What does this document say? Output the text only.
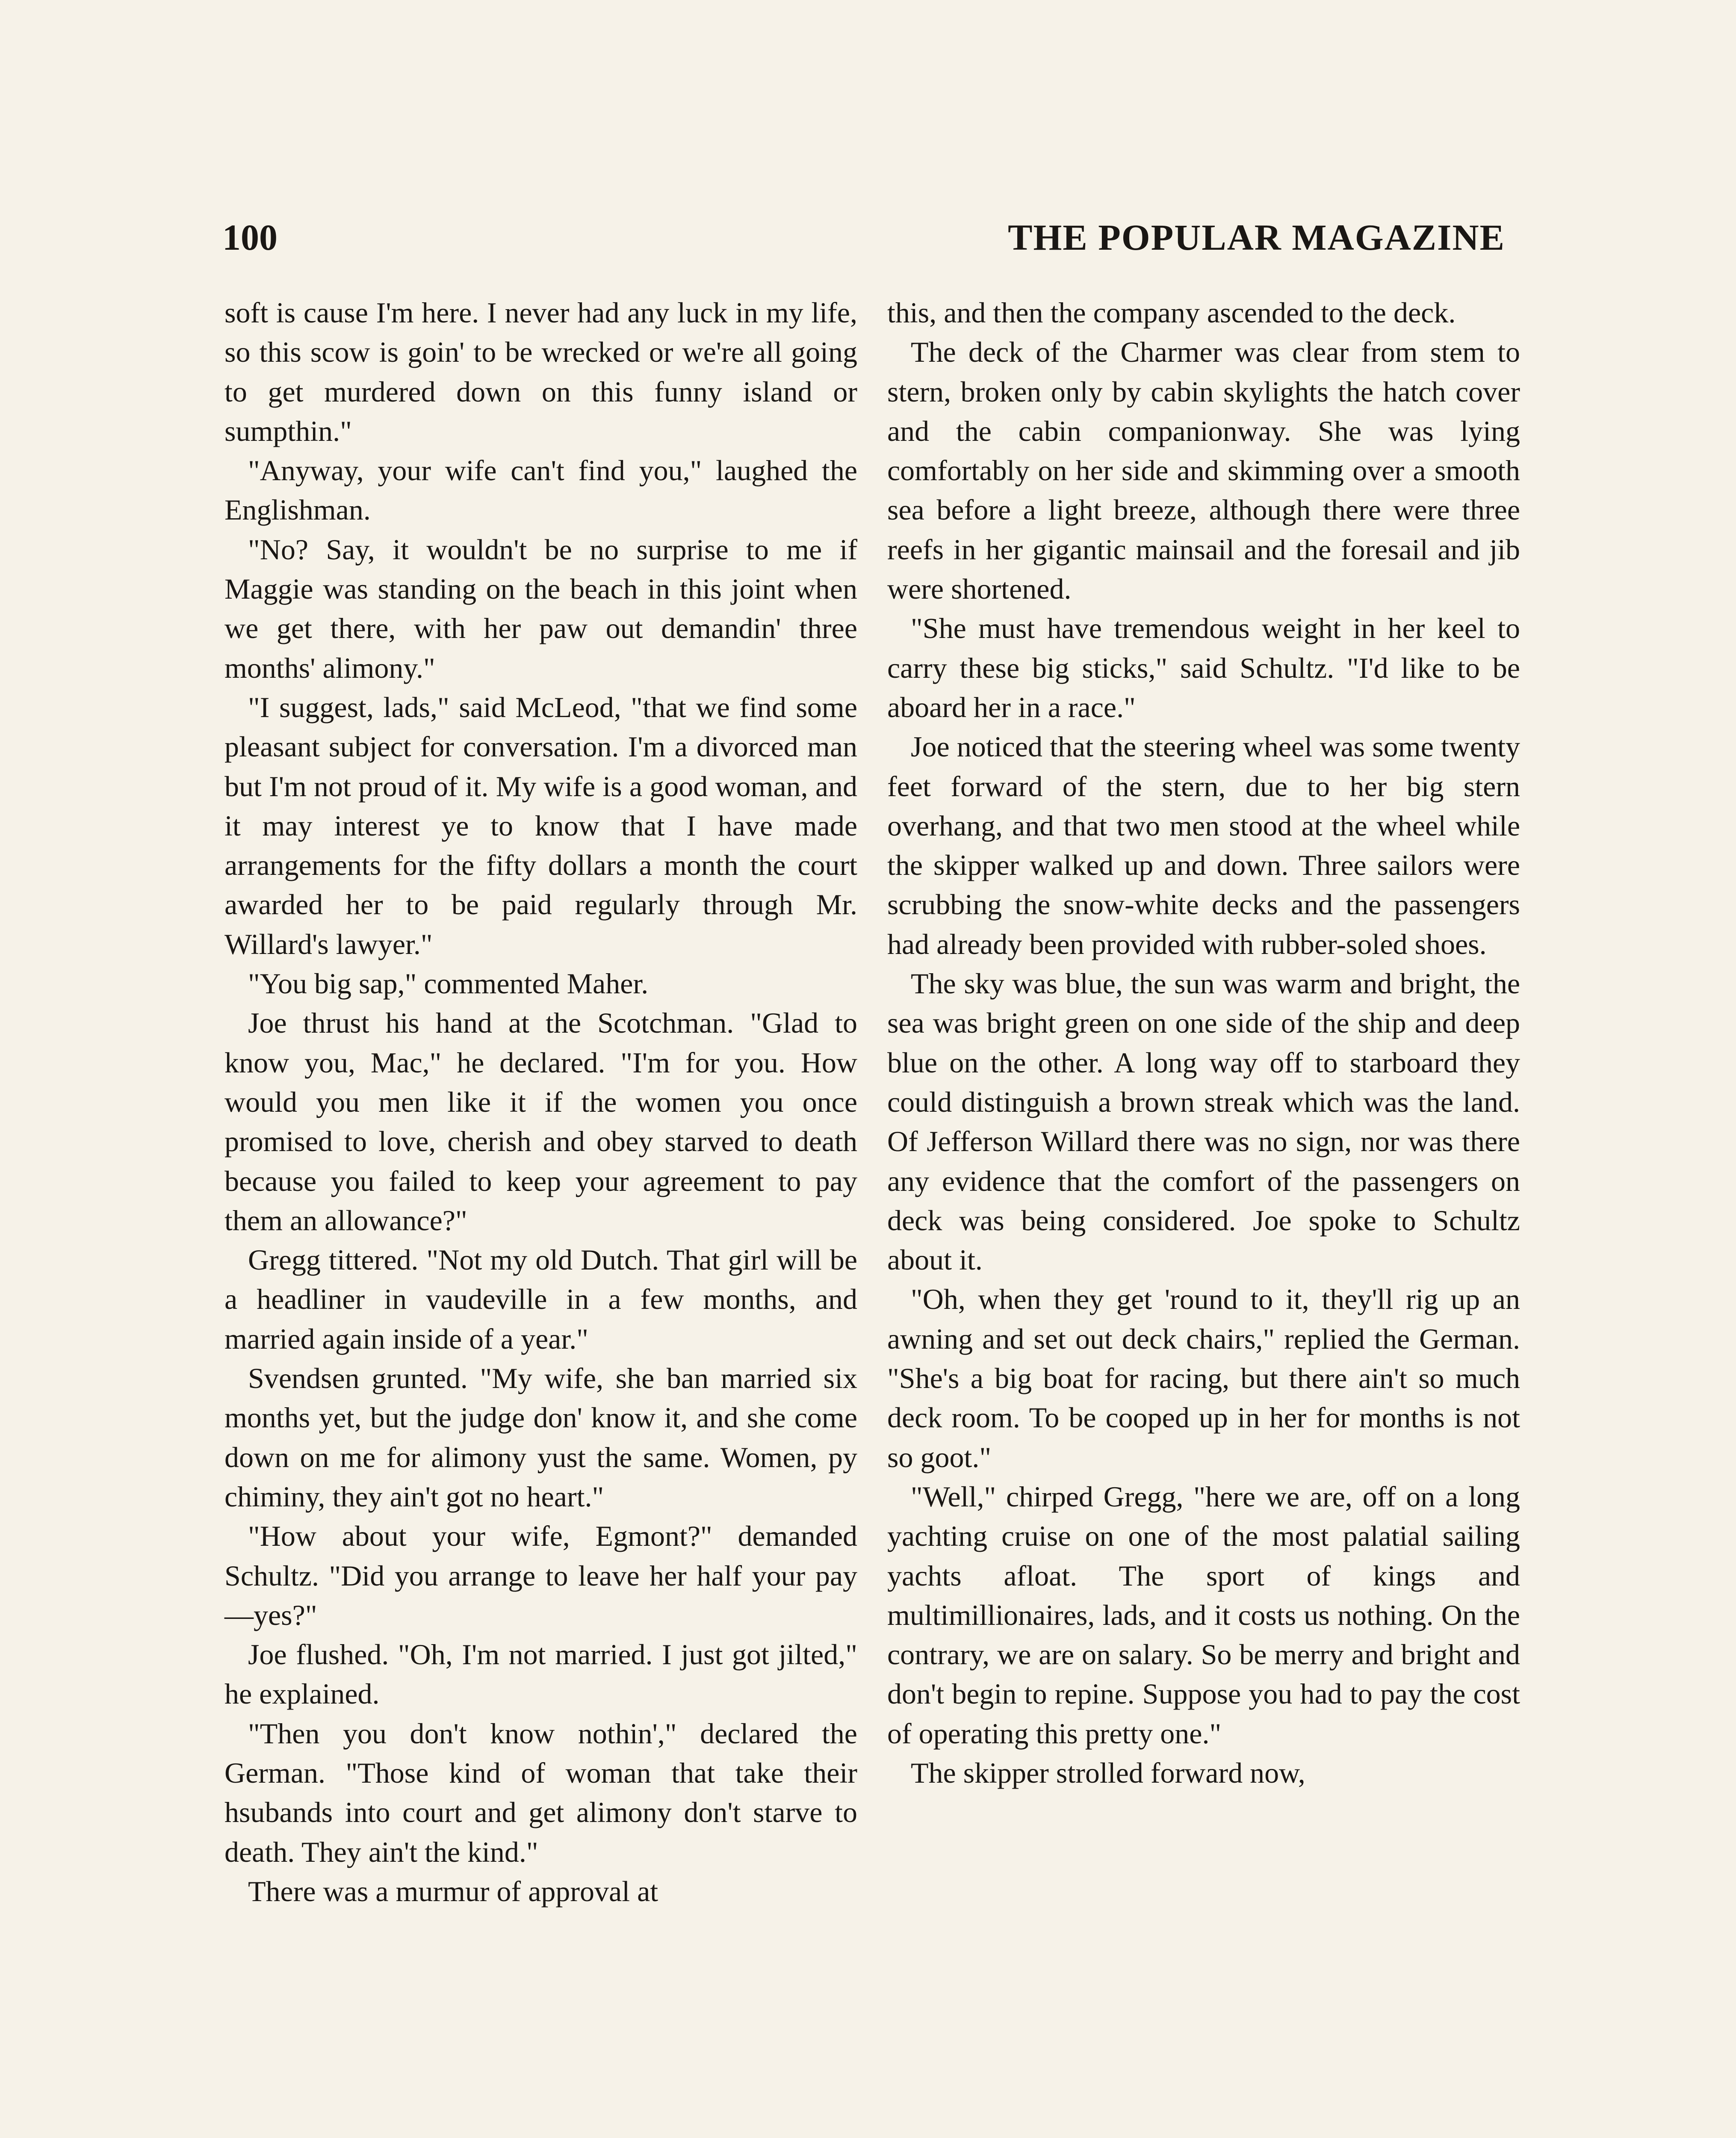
100	THE POPULAR MAGAZINE

soft is cause I'm here. I never had any luck in my life, so this scow is goin' to be wrecked or we're all going to get murdered down on this funny island or sumpthin."

"Anyway, your wife can't find you," laughed the Englishman.

"No? Say, it wouldn't be no surprise to me if Maggie was standing on the beach in this joint when we get there, with her paw out demandin' three months' alimony."

"I suggest, lads," said McLeod, "that we find some pleasant subject for conversation. I'm a divorced man but I'm not proud of it. My wife is a good woman, and it may interest ye to know that I have made arrangements for the fifty dollars a month the court awarded her to be paid regularly through Mr. Willard's lawyer."

"You big sap," commented Maher.

Joe thrust his hand at the Scotchman. "Glad to know you, Mac," he declared. "I'm for you. How would you men like it if the women you once promised to love, cherish and obey starved to death because you failed to keep your agreement to pay them an allowance?"

Gregg tittered. "Not my old Dutch. That girl will be a headliner in vaudeville in a few months, and married again inside of a year."

Svendsen grunted. "My wife, she ban married six months yet, but the judge don' know it, and she come down on me for alimony yust the same. Women, py chiminy, they ain't got no heart."

"How about your wife, Egmont?" demanded Schultz. "Did you arrange to leave her half your pay—yes?"

Joe flushed. "Oh, I'm not married. I just got jilted," he explained.

"Then you don't know nothin'," declared the German. "Those kind of woman that take their hsubands into court and get alimony don't starve to death. They ain't the kind."

There was a murmur of approval at

this, and then the company ascended to the deck.

The deck of the Charmer was clear from stem to stern, broken only by cabin skylights the hatch cover and the cabin companionway. She was lying comfortably on her side and skimming over a smooth sea before a light breeze, although there were three reefs in her gigantic mainsail and the foresail and jib were shortened.

"She must have tremendous weight in her keel to carry these big sticks," said Schultz. "I'd like to be aboard her in a race."

Joe noticed that the steering wheel was some twenty feet forward of the stern, due to her big stern overhang, and that two men stood at the wheel while the skipper walked up and down. Three sailors were scrubbing the snow-white decks and the passengers had already been provided with rubber-soled shoes.

The sky was blue, the sun was warm and bright, the sea was bright green on one side of the ship and deep blue on the other. A long way off to starboard they could distinguish a brown streak which was the land. Of Jefferson Willard there was no sign, nor was there any evidence that the comfort of the passengers on deck was being considered. Joe spoke to Schultz about it.

"Oh, when they get 'round to it, they'll rig up an awning and set out deck chairs," replied the German. "She's a big boat for racing, but there ain't so much deck room. To be cooped up in her for months is not so goot."

"Well," chirped Gregg, "here we are, off on a long yachting cruise on one of the most palatial sailing yachts afloat. The sport of kings and multimillionaires, lads, and it costs us nothing. On the contrary, we are on salary. So be merry and bright and don't begin to repine. Suppose you had to pay the cost of operating this pretty one."

The skipper strolled forward now,
